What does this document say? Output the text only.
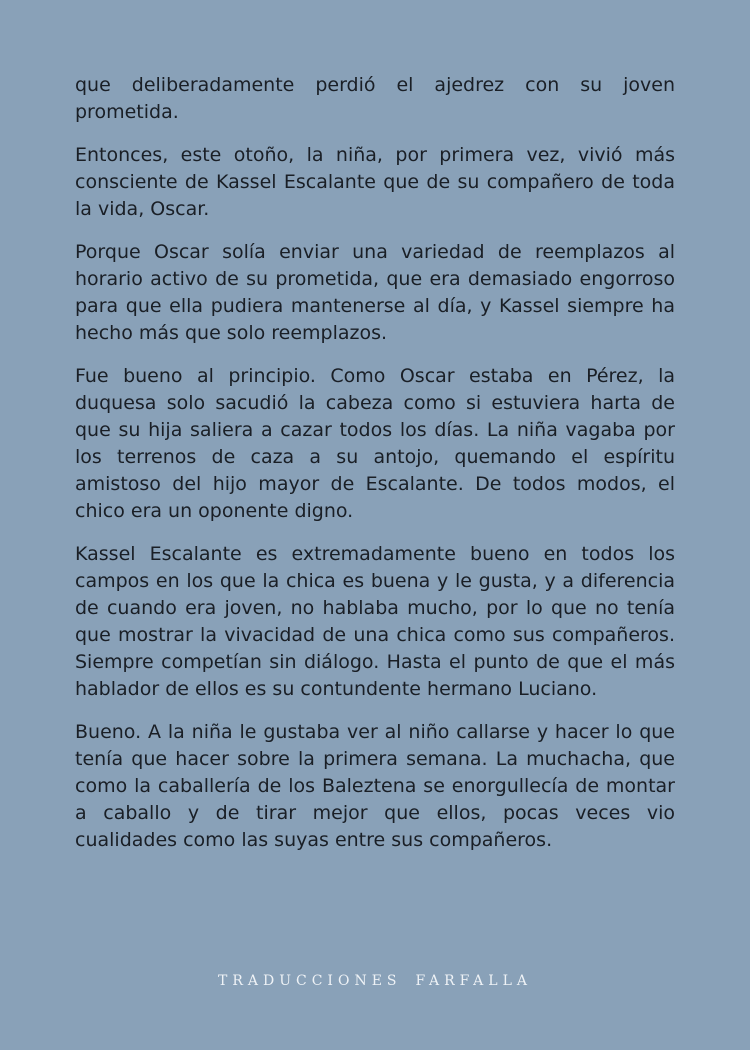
que deliberadamente perdió el ajedrez con su joven prometida.

Entonces, este otoño, la niña, por primera vez, vivió más consciente de Kassel Escalante que de su compañero de toda la vida, Oscar.

Porque Oscar solía enviar una variedad de reemplazos al horario activo de su prometida, que era demasiado engorroso para que ella pudiera mantenerse al día, y Kassel siempre ha hecho más que solo reemplazos.

Fue bueno al principio. Como Oscar estaba en Pérez, la duquesa solo sacudió la cabeza como si estuviera harta de que su hija saliera a cazar todos los días. La niña vagaba por los terrenos de caza a su antojo, quemando el espíritu amistoso del hijo mayor de Escalante. De todos modos, el chico era un oponente digno.

Kassel Escalante es extremadamente bueno en todos los campos en los que la chica es buena y le gusta, y a diferencia de cuando era joven, no hablaba mucho, por lo que no tenía que mostrar la vivacidad de una chica como sus compañeros. Siempre competían sin diálogo. Hasta el punto de que el más hablador de ellos es su contundente hermano Luciano.

Bueno. A la niña le gustaba ver al niño callarse y hacer lo que tenía que hacer sobre la primera semana. La muchacha, que como la caballería de los Baleztena se enorgullecía de montar a caballo y de tirar mejor que ellos, pocas veces vio cualidades como las suyas entre sus compañeros.

TRADUCCIONES FARFALLA
